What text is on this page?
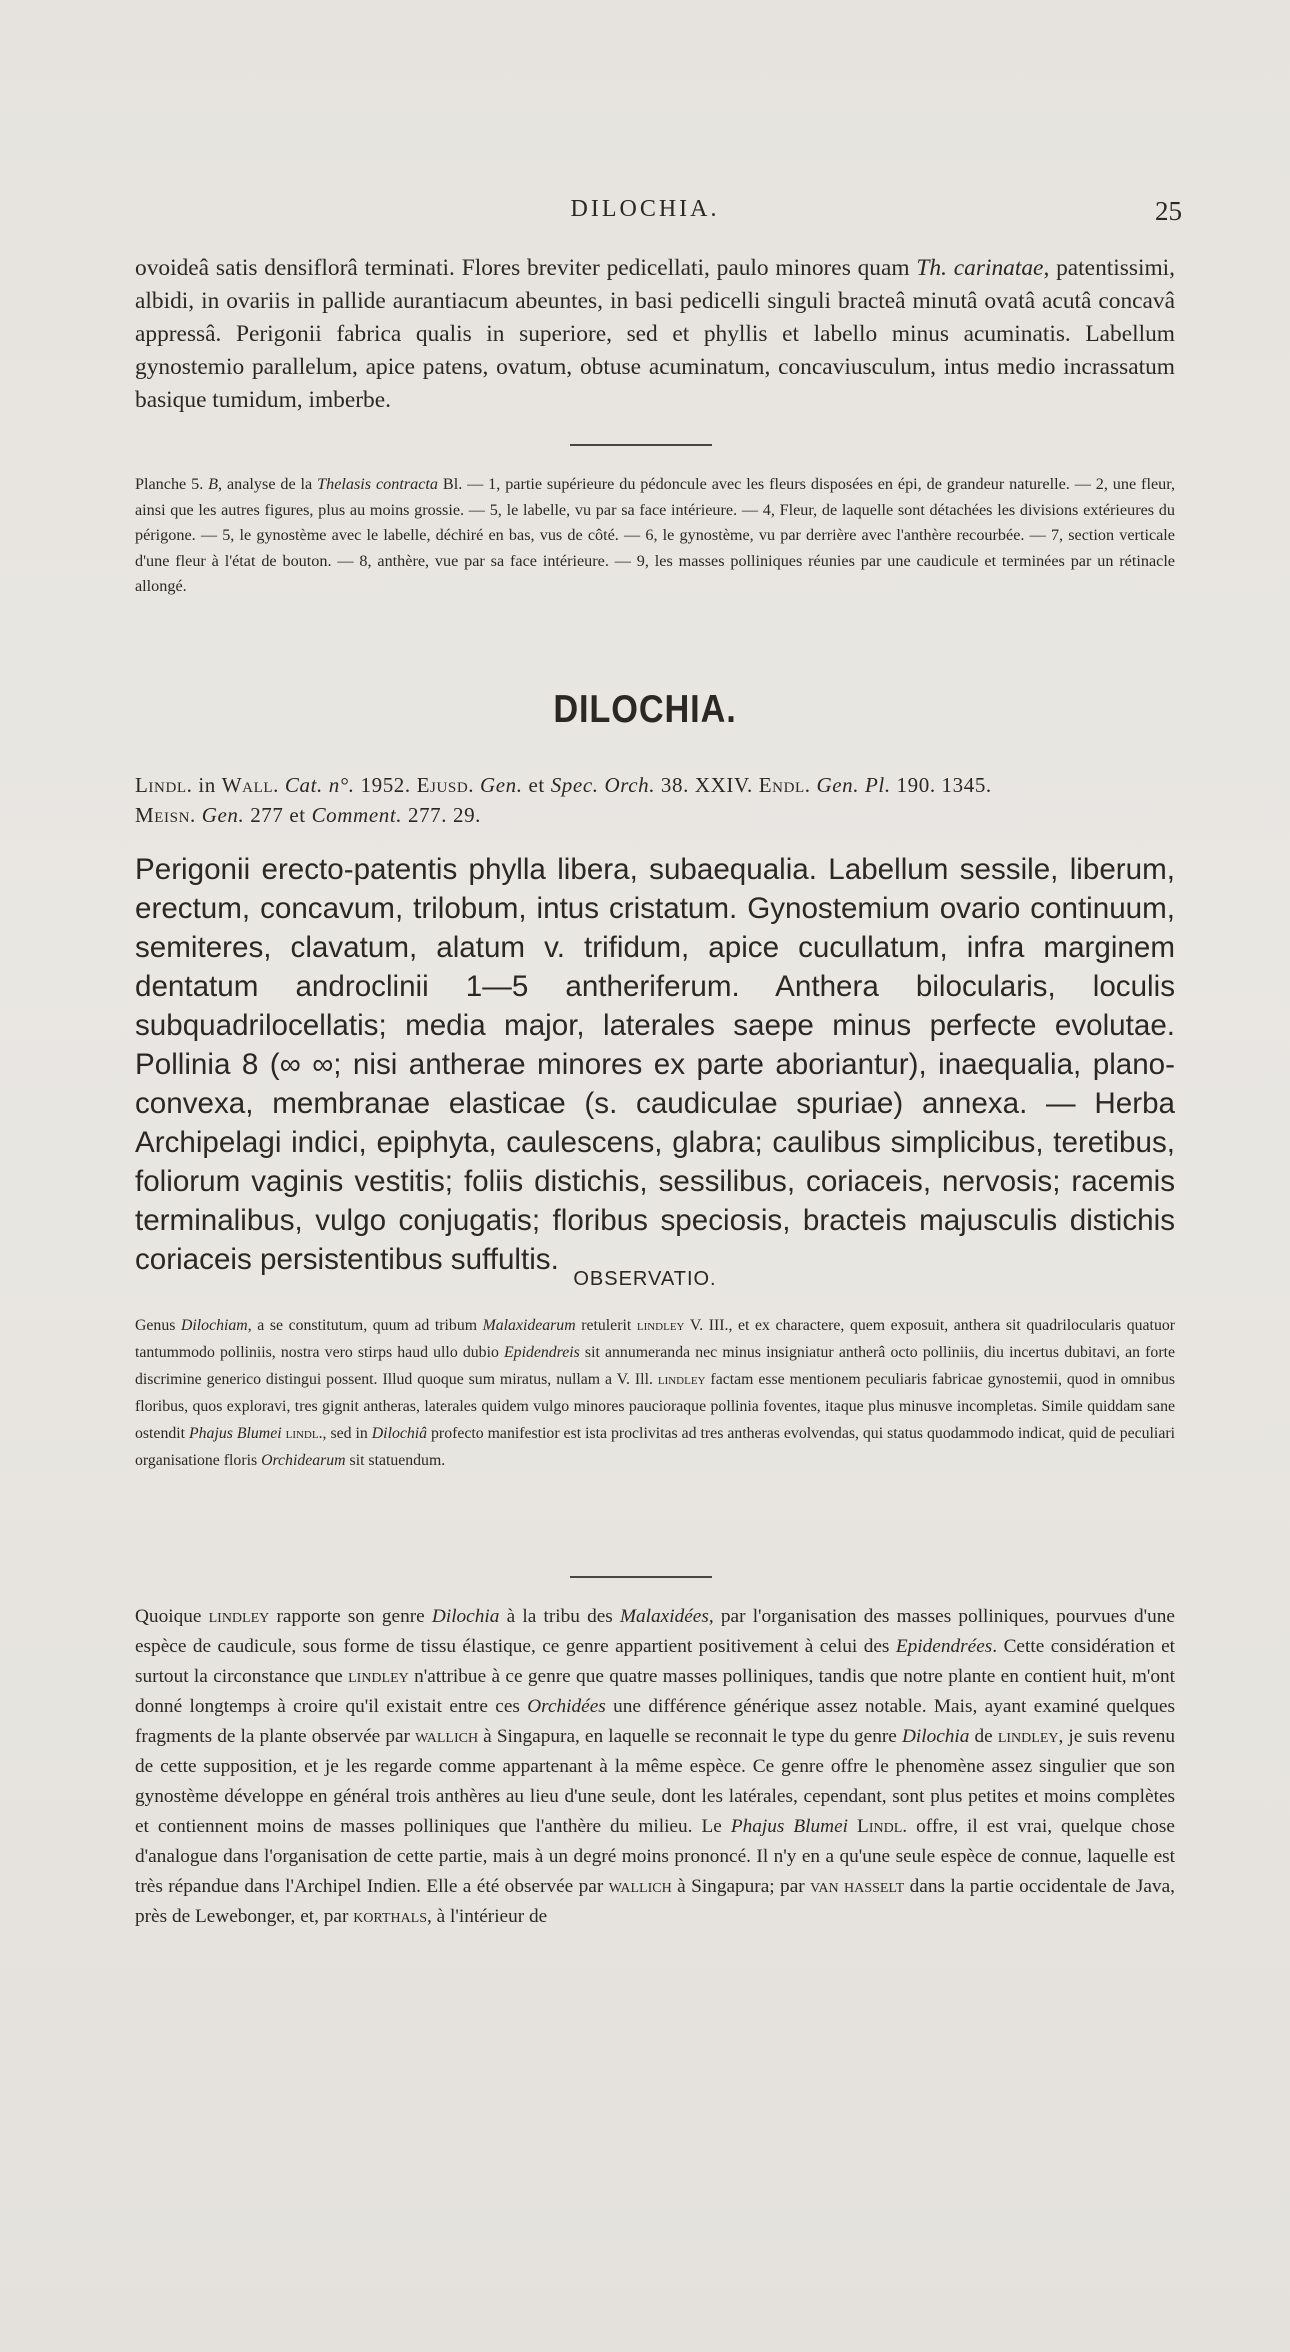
DILOCHIA.	25
ovoideâ satis densiflorâ terminati. Flores breviter pedicellati, paulo minores quam Th. carinatae, patentissimi, albidi, in ovariis in pallide aurantiacum abeuntes, in basi pedicelli singuli bracteâ minutâ ovatâ acutâ concavâ appressâ. Perigonii fabrica qualis in superiore, sed et phyllis et labello minus acuminatis. Labellum gynostemio parallelum, apice patens, ovatum, obtuse acuminatum, concaviusculum, intus medio incrassatum basique tumidum, imberbe.
Planche 5. B, analyse de la Thelasis contracta Bl. — 1, partie supérieure du pédoncule avec les fleurs disposées en épi, de grandeur naturelle. — 2, une fleur, ainsi que les autres figures, plus au moins grossie. — 5, le labelle, vu par sa face intérieure. — 4, Fleur, de laquelle sont détachées les divisions extérieures du périgone. — 5, le gynostème avec le labelle, déchiré en bas, vus de côté. — 6, le gynostème, vu par derrière avec l'anthère recourbée. — 7, section verticale d'une fleur à l'état de bouton. — 8, anthère, vue par sa face intérieure. — 9, les masses polliniques réunies par une caudicule et terminées par un rétinacle allongé.
DILOCHIA.
Lindl. in Wall. Cat. n°. 1952. Ejusd. Gen. et Spec. Orch. 38. XXIV. Endl. Gen. Pl. 190. 1345.
Meisn. Gen. 277 et Comment. 277. 29.
Perigonii erecto-patentis phylla libera, subaequalia. Labellum sessile, liberum, erectum, concavum, trilobum, intus cristatum. Gynostemium ovario continuum, semiteres, clavatum, alatum v. trifidum, apice cucullatum, infra marginem dentatum androclinii 1—5 antheriferum. Anthera bilocularis, loculis subquadrilocellatis; media major, laterales saepe minus perfecte evolutae. Pollinia 8 (∞ ∞; nisi antherae minores ex parte aboriantur), inaequalia, plano-convexa, membranae elasticae (s. caudiculae spuriae) annexa. — Herba Archipelagi indici, epiphyta, caulescens, glabra; caulibus simplicibus, teretibus, foliorum vaginis vestitis; foliis distichis, sessilibus, coriaceis, nervosis; racemis terminalibus, vulgo conjugatis; floribus speciosis, bracteis majusculis distichis coriaceis persistentibus suffultis.
OBSERVATIO.
Genus Dilochiam, a se constitutum, quum ad tribum Malaxidearum retulerit lindley V. III., et ex charactere, quem exposuit, anthera sit quadrilocularis quatuor tantummodo polliniis, nostra vero stirps haud ullo dubio Epidendreis sit annumeranda nec minus insigniatur antherâ octo polliniis, diu incertus dubitavi, an forte discrimine generico distingui possent. Illud quoque sum miratus, nullam a V. Ill. lindley factam esse mentionem peculiaris fabricae gynostemii, quod in omnibus floribus, quos exploravi, tres gignit antheras, laterales quidem vulgo minores paucioraque pollinia foventes, itaque plus minusve incompletas. Simile quiddam sane ostendit Phajus Blumei lindl., sed in Dilochiâ profecto manifestior est ista proclivitas ad tres antheras evolvendas, qui status quodammodo indicat, quid de peculiari organisatione floris Orchidearum sit statuendum.
Quoique lindley rapporte son genre Dilochia à la tribu des Malaxidées, par l'organisation des masses polliniques, pourvues d'une espèce de caudicule, sous forme de tissu élastique, ce genre appartient positivement à celui des Epidendrées. Cette considération et surtout la circonstance que lindley n'attribue à ce genre que quatre masses polliniques, tandis que notre plante en contient huit, m'ont donné longtemps à croire qu'il existait entre ces Orchidées une différence générique assez notable. Mais, ayant examiné quelques fragments de la plante observée par wallich à Singapura, en laquelle se reconnait le type du genre Dilochia de lindley, je suis revenu de cette supposition, et je les regarde comme appartenant à la même espèce. Ce genre offre le phenomène assez singulier que son gynostème développe en général trois anthères au lieu d'une seule, dont les latérales, cependant, sont plus petites et moins complètes et contiennent moins de masses polliniques que l'anthère du milieu. Le Phajus Blumei Lindl. offre, il est vrai, quelque chose d'analogue dans l'organisation de cette partie, mais à un degré moins prononcé. Il n'y en a qu'une seule espèce de connue, laquelle est très répandue dans l'Archipel Indien. Elle a été observée par wallich à Singapura; par van hasselt dans la partie occidentale de Java, près de Lewebonger, et, par korthals, à l'intérieur de
